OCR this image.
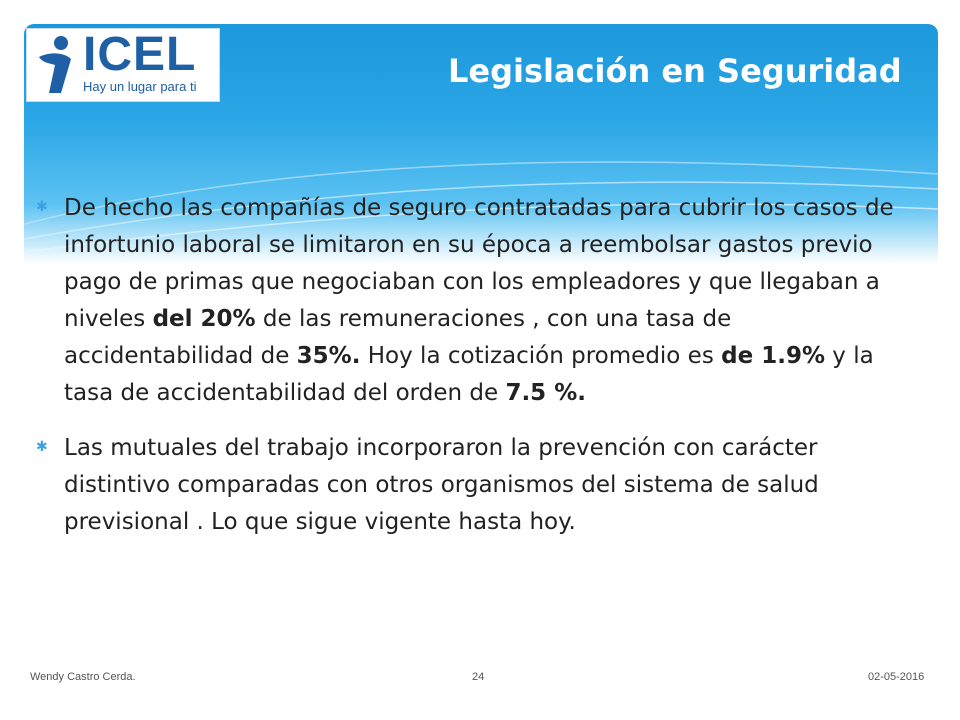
ICEL
Hay un lugar para ti	Legislación en Seguridad
✱ De hecho las compañías de seguro contratadas para cubrir los casos de infortunio laboral se limitaron en su época a reembolsar gastos previo pago de primas que negociaban con los empleadores y que llegaban a niveles del 20% de las remuneraciones , con una tasa de accidentabilidad de 35%. Hoy la cotización promedio es de 1.9% y la tasa de accidentabilidad del orden de 7.5 %.
✱ Las mutuales del trabajo incorporaron la prevención con carácter distintivo comparadas con otros organismos del sistema de salud previsional . Lo que sigue vigente hasta hoy.
Wendy Castro Cerda.	24	02-05-2016
